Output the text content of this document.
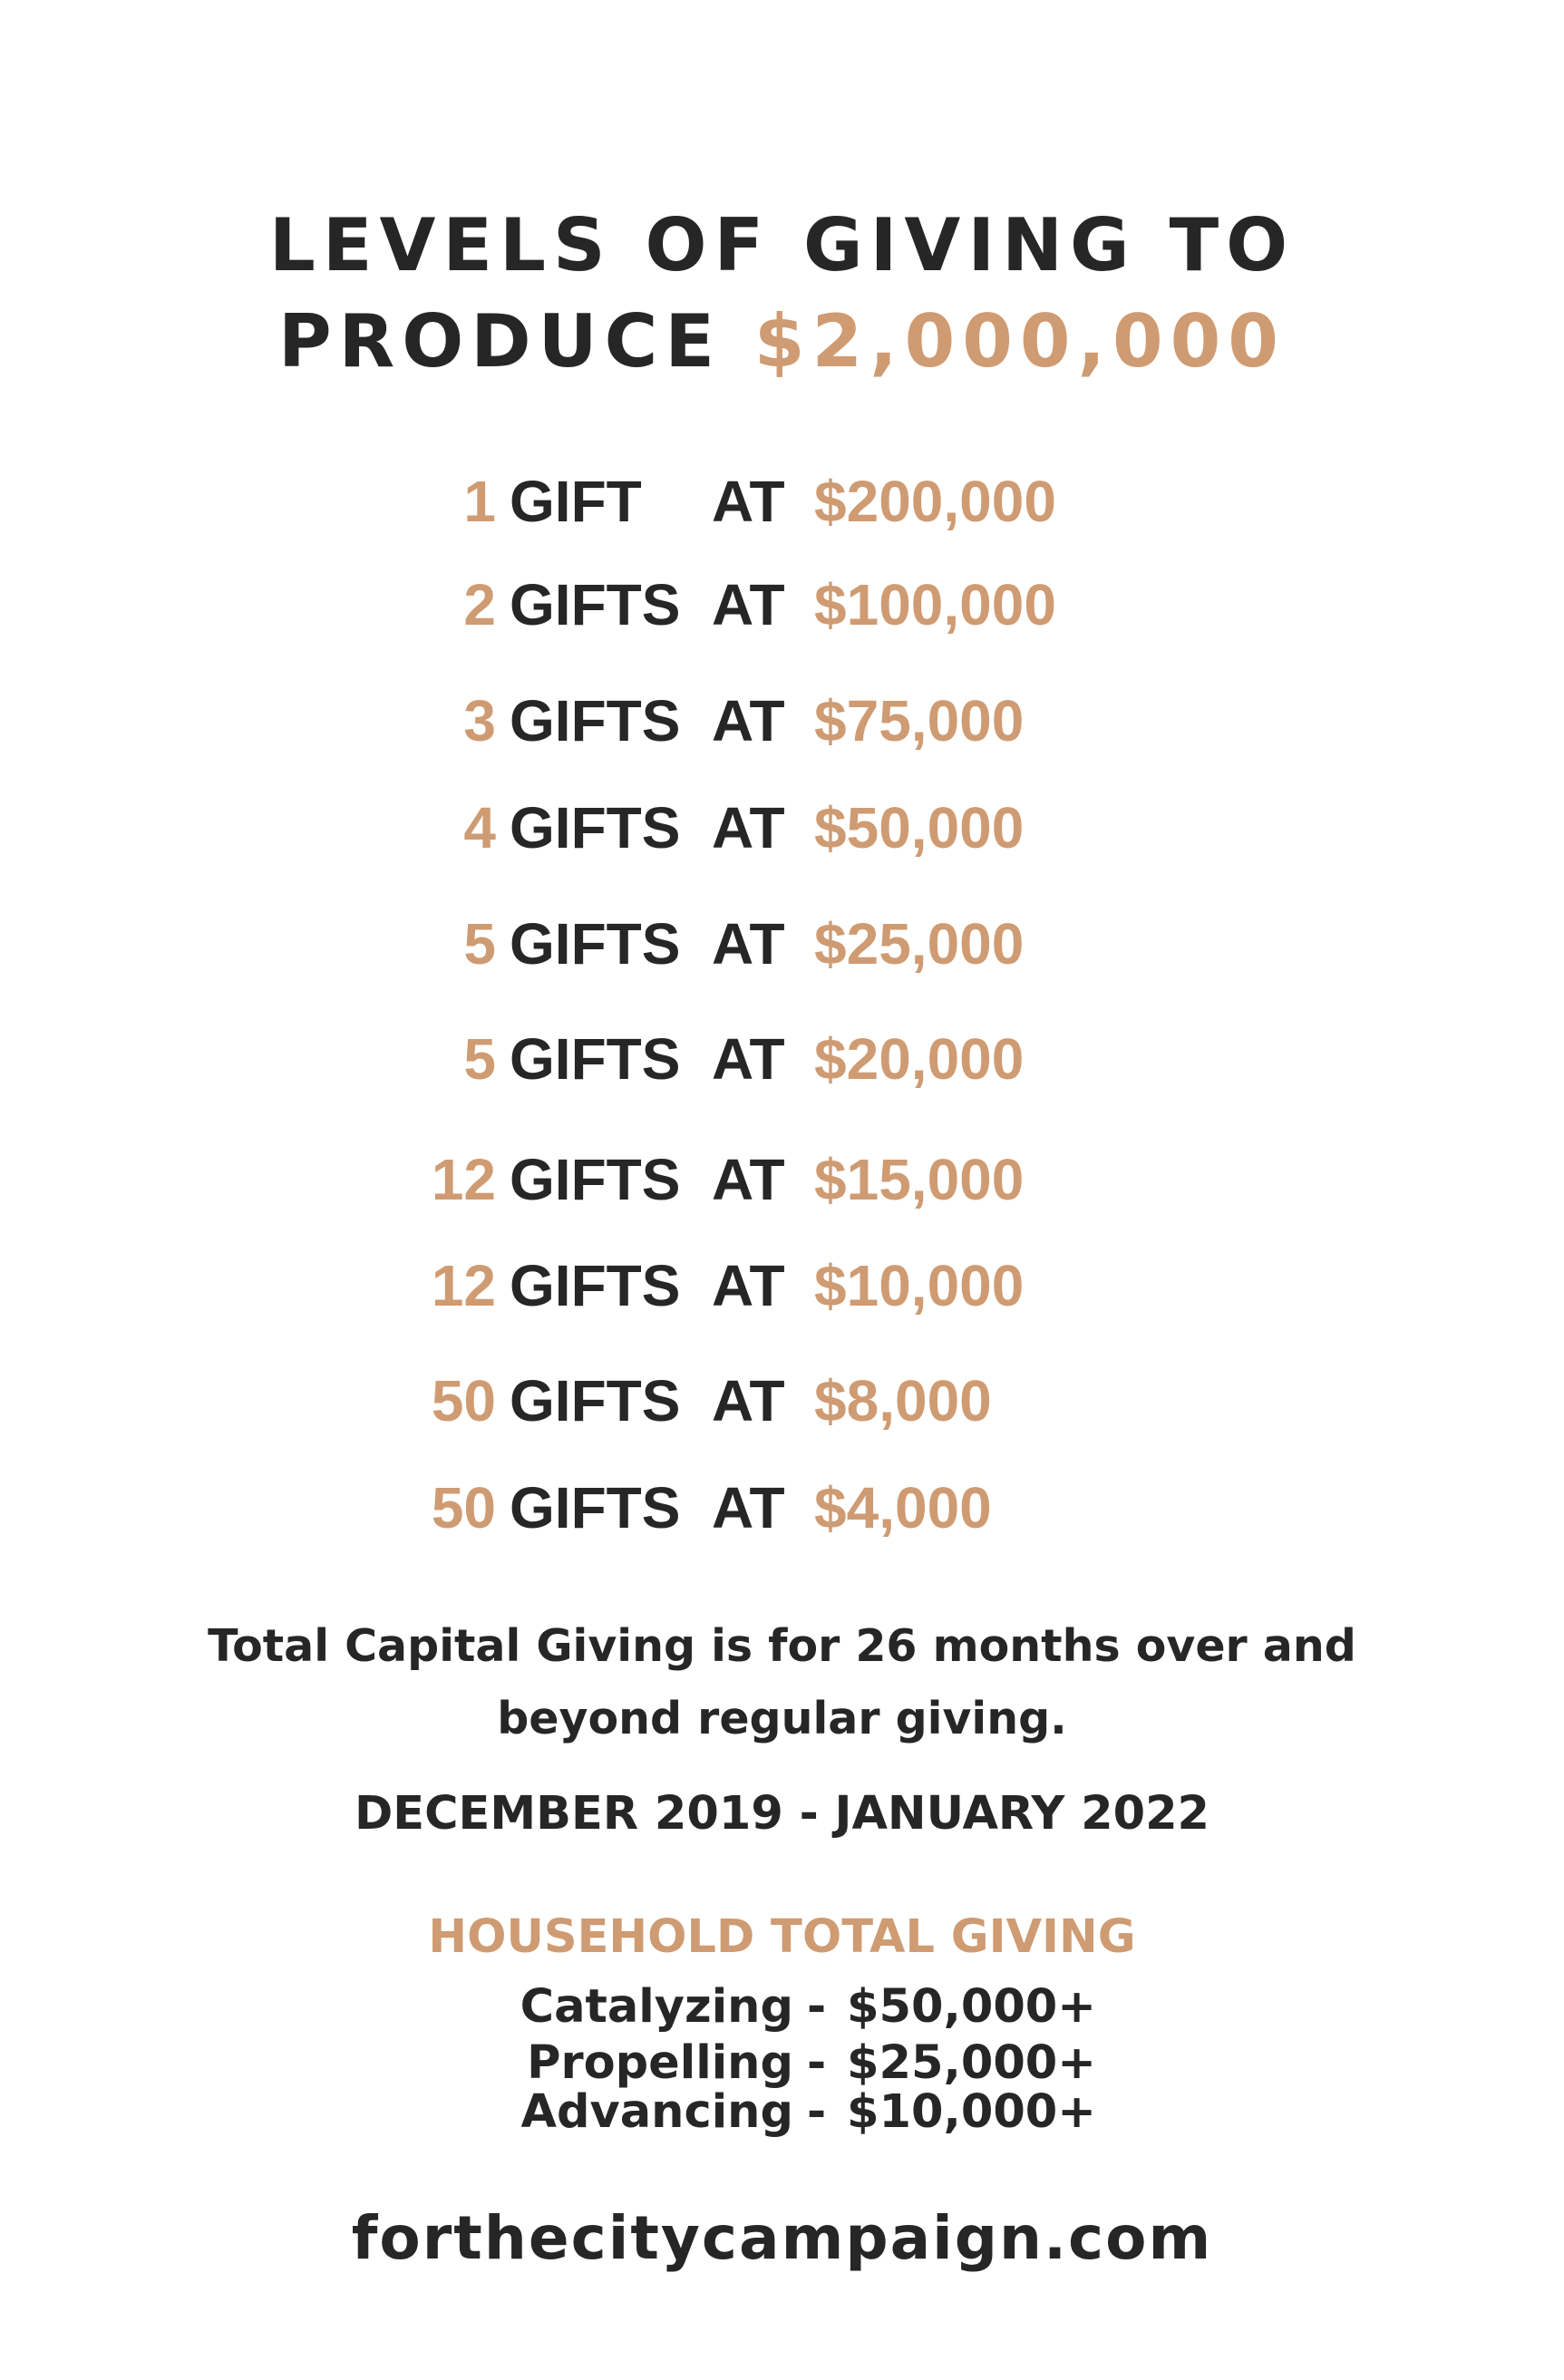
LEVELS OF GIVING TO
PRODUCE $2,000,000
1 GIFT AT $200,000
2 GIFTS AT $100,000
3 GIFTS AT $75,000
4 GIFTS AT $50,000
5 GIFTS AT $25,000
5 GIFTS AT $20,000
12 GIFTS AT $15,000
12 GIFTS AT $10,000
50 GIFTS AT $8,000
50 GIFTS AT $4,000
Total Capital Giving is for 26 months over and
beyond regular giving.
DECEMBER 2019 - JANUARY 2022
HOUSEHOLD TOTAL GIVING
Catalyzing - $50,000+
Propelling - $25,000+
Advancing - $10,000+
forthecitycampaign.com
